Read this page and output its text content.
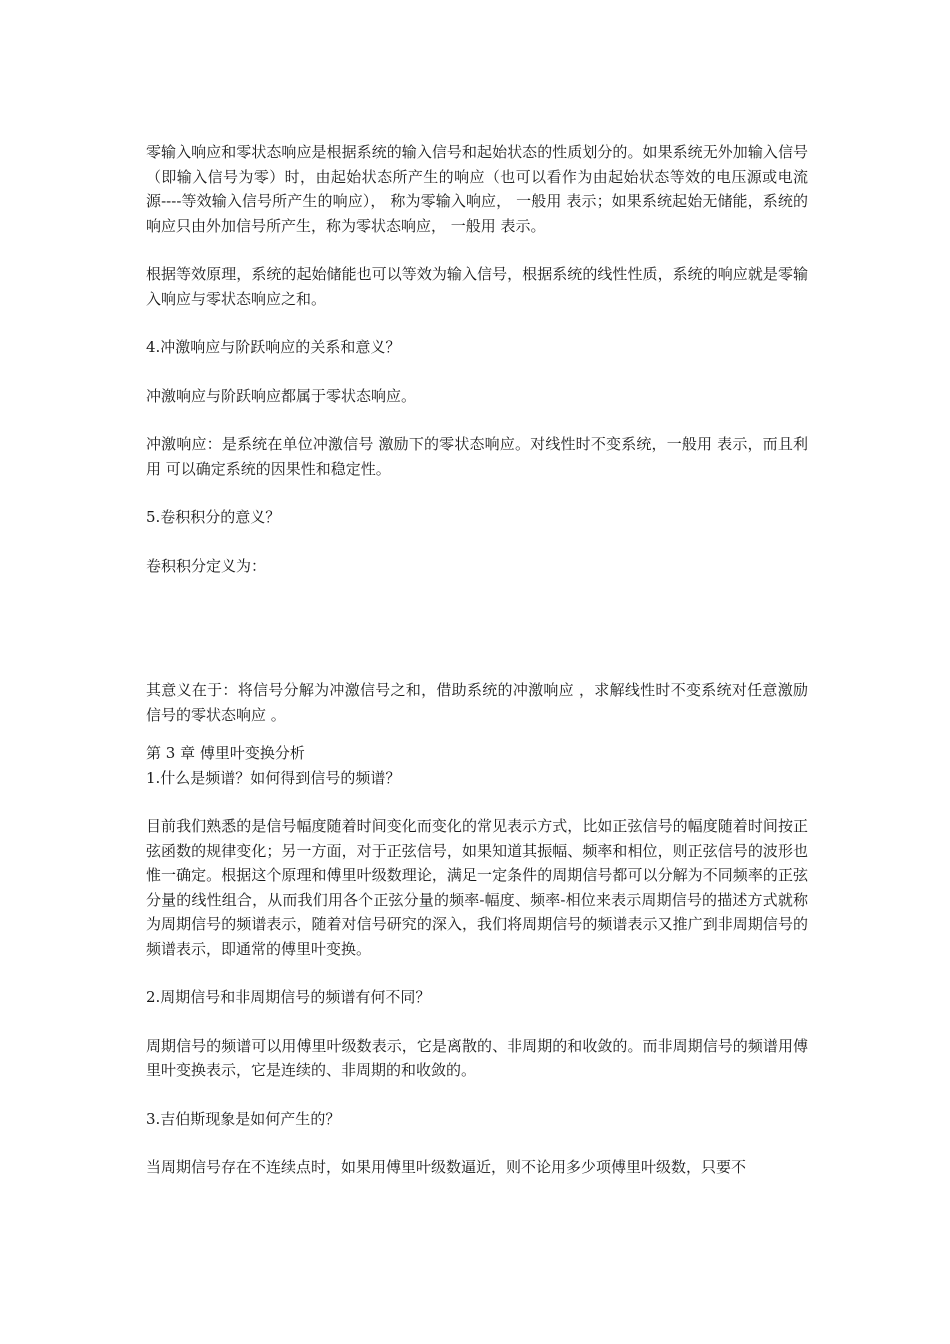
零输入响应和零状态响应是根据系统的输入信号和起始状态的性质划分的。如果系统无外加输入信号（即输入信号为零）时，由起始状态所产生的响应（也可以看作为由起始状态等效的电压源或电流源----等效输入信号所产生的响应）， 称为零输入响应， 一般用 表示；如果系统起始无储能，系统的响应只由外加信号所产生，称为零状态响应， 一般用 表示。

根据等效原理，系统的起始储能也可以等效为输入信号，根据系统的线性性质，系统的响应就是零输入响应与零状态响应之和。

4.冲激响应与阶跃响应的关系和意义？

冲激响应与阶跃响应都属于零状态响应。

冲激响应：是系统在单位冲激信号 激励下的零状态响应。对线性时不变系统，一般用 表示，而且利用 可以确定系统的因果性和稳定性。

5.卷积积分的意义？

卷积积分定义为：

其意义在于：将信号分解为冲激信号之和，借助系统的冲激响应 ，求解线性时不变系统对任意激励信号的零状态响应 。

第 3 章 傅里叶变换分析

1.什么是频谱？如何得到信号的频谱？

目前我们熟悉的是信号幅度随着时间变化而变化的常见表示方式，比如正弦信号的幅度随着时间按正弦函数的规律变化；另一方面，对于正弦信号，如果知道其振幅、频率和相位，则正弦信号的波形也惟一确定。根据这个原理和傅里叶级数理论，满足一定条件的周期信号都可以分解为不同频率的正弦分量的线性组合，从而我们用各个正弦分量的频率-幅度、频率-相位来表示周期信号的描述方式就称为周期信号的频谱表示，随着对信号研究的深入，我们将周期信号的频谱表示又推广到非周期信号的频谱表示，即通常的傅里叶变换。

2.周期信号和非周期信号的频谱有何不同？

周期信号的频谱可以用傅里叶级数表示，它是离散的、非周期的和收敛的。而非周期信号的频谱用傅里叶变换表示，它是连续的、非周期的和收敛的。

3.吉伯斯现象是如何产生的？

当周期信号存在不连续点时，如果用傅里叶级数逼近，则不论用多少项傅里叶级数，只要不
